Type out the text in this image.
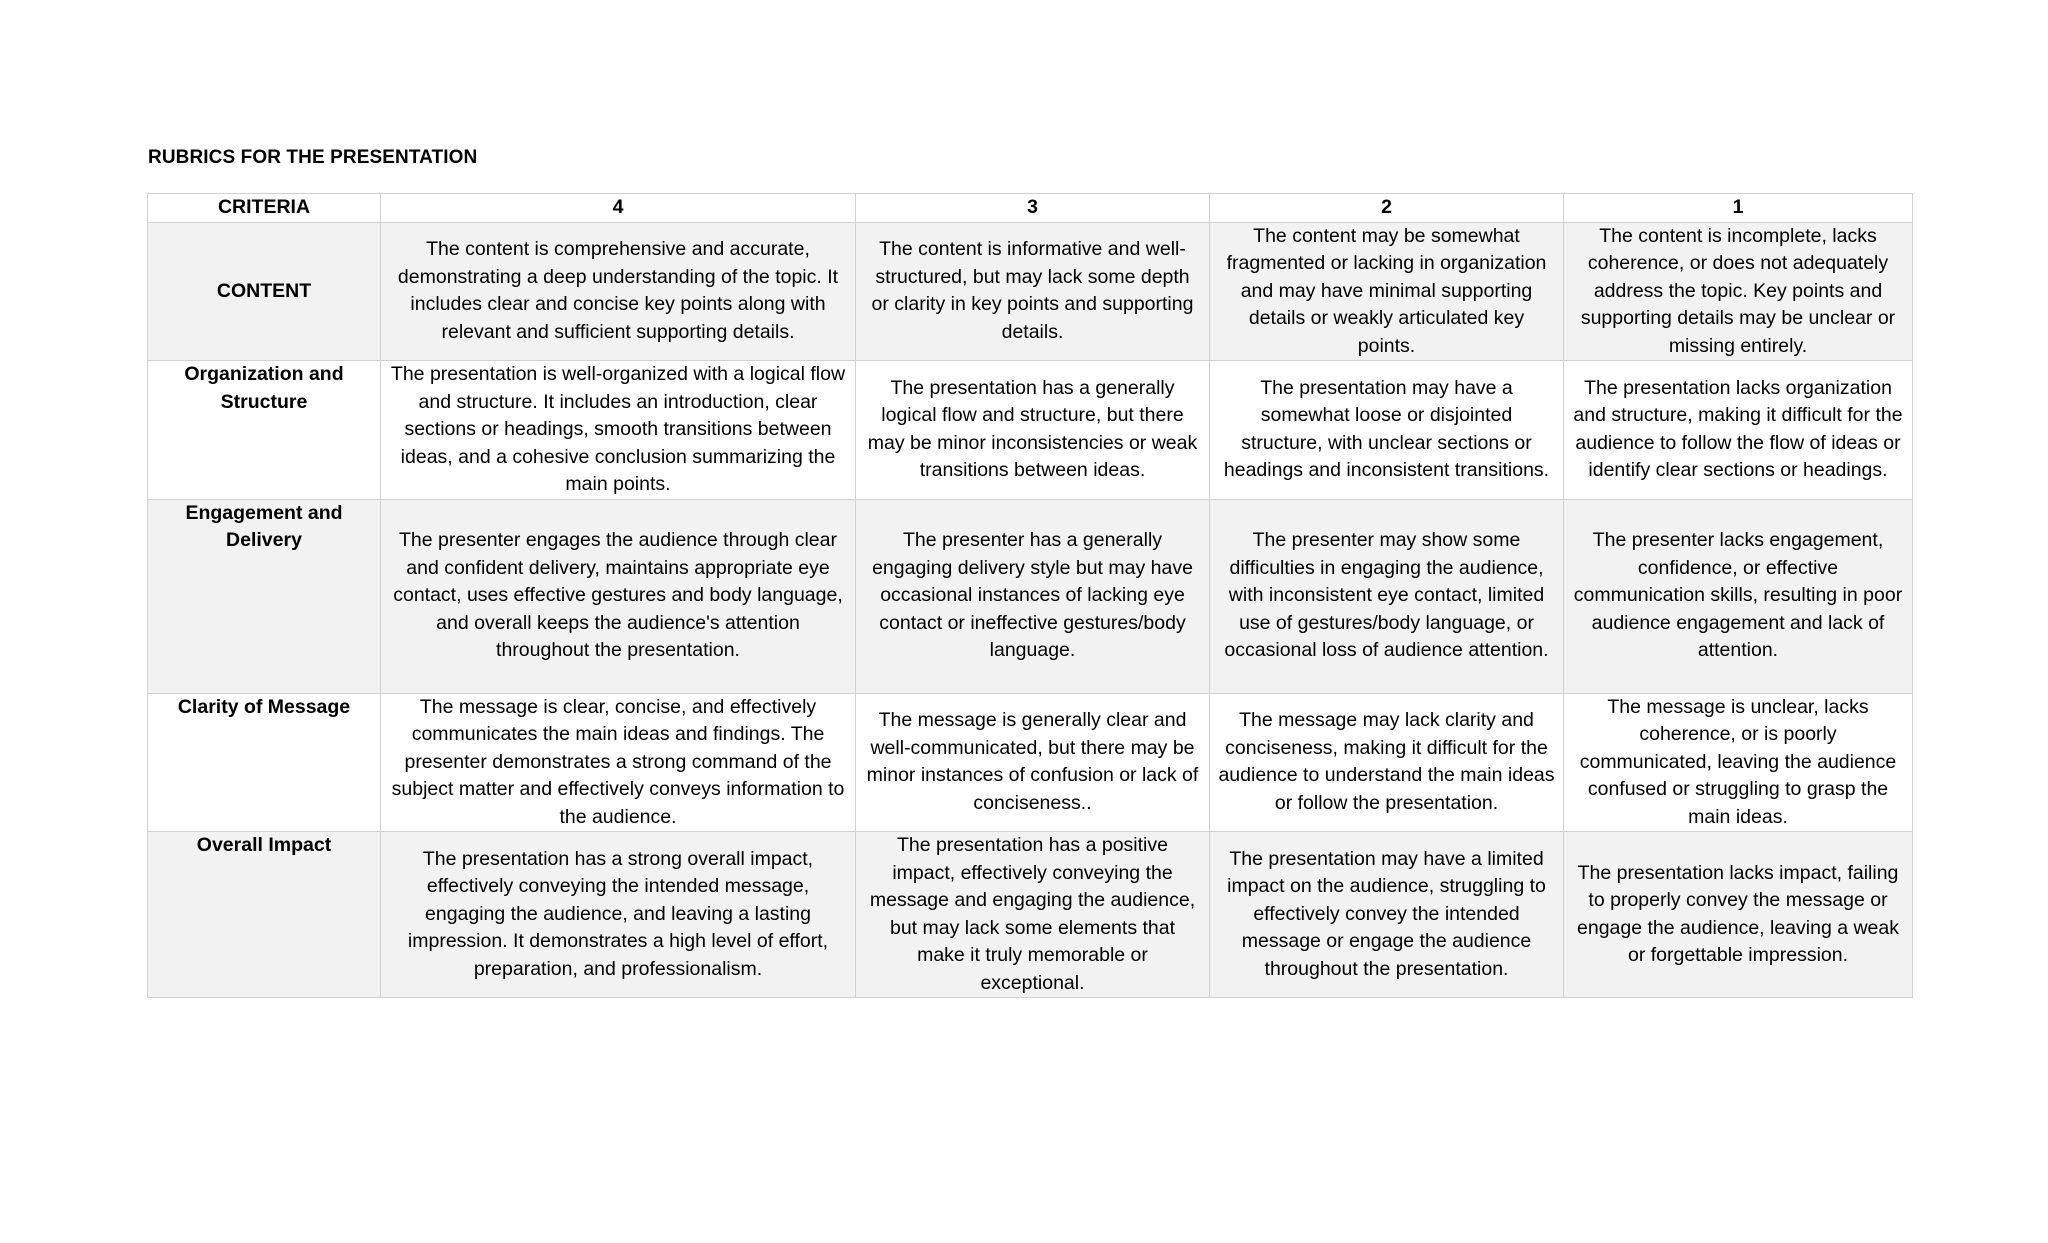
RUBRICS FOR THE PRESENTATION
CRITERIA	4	3	2	1
CONTENT	The content is comprehensive and accurate, demonstrating a deep understanding of the topic. It includes clear and concise key points along with relevant and sufficient supporting details.	The content is informative and well-structured, but may lack some depth or clarity in key points and supporting details.	The content may be somewhat fragmented or lacking in organization and may have minimal supporting details or weakly articulated key points.	The content is incomplete, lacks coherence, or does not adequately address the topic. Key points and supporting details may be unclear or missing entirely.
Organization and Structure	The presentation is well-organized with a logical flow and structure. It includes an introduction, clear sections or headings, smooth transitions between ideas, and a cohesive conclusion summarizing the main points.	The presentation has a generally logical flow and structure, but there may be minor inconsistencies or weak transitions between ideas.	The presentation may have a somewhat loose or disjointed structure, with unclear sections or headings and inconsistent transitions.	The presentation lacks organization and structure, making it difficult for the audience to follow the flow of ideas or identify clear sections or headings.
Engagement and Delivery	The presenter engages the audience through clear and confident delivery, maintains appropriate eye contact, uses effective gestures and body language, and overall keeps the audience's attention throughout the presentation.	The presenter has a generally engaging delivery style but may have occasional instances of lacking eye contact or ineffective gestures/body language.	The presenter may show some difficulties in engaging the audience, with inconsistent eye contact, limited use of gestures/body language, or occasional loss of audience attention.	The presenter lacks engagement, confidence, or effective communication skills, resulting in poor audience engagement and lack of attention.
Clarity of Message	The message is clear, concise, and effectively communicates the main ideas and findings. The presenter demonstrates a strong command of the subject matter and effectively conveys information to the audience.	The message is generally clear and well-communicated, but there may be minor instances of confusion or lack of conciseness..	The message may lack clarity and conciseness, making it difficult for the audience to understand the main ideas or follow the presentation.	The message is unclear, lacks coherence, or is poorly communicated, leaving the audience confused or struggling to grasp the main ideas.
Overall Impact	The presentation has a strong overall impact, effectively conveying the intended message, engaging the audience, and leaving a lasting impression. It demonstrates a high level of effort, preparation, and professionalism.	The presentation has a positive impact, effectively conveying the message and engaging the audience, but may lack some elements that make it truly memorable or exceptional.	The presentation may have a limited impact on the audience, struggling to effectively convey the intended message or engage the audience throughout the presentation.	The presentation lacks impact, failing to properly convey the message or engage the audience, leaving a weak or forgettable impression.
